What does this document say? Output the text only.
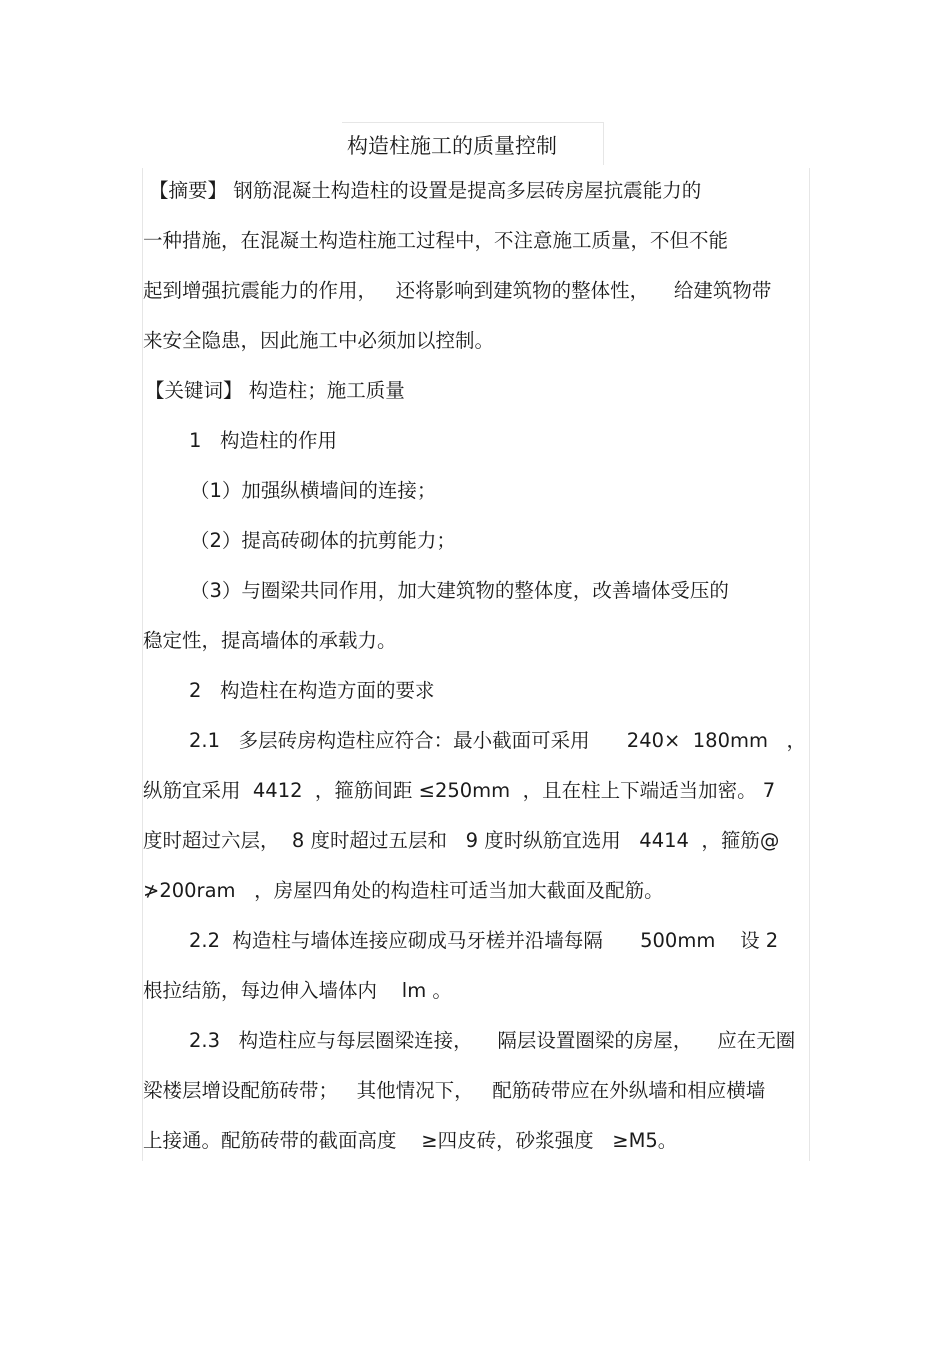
构造柱施工的质量控制
【摘要】 钢筋混凝土构造柱的设置是提高多层砖房屋抗震能力的
一种措施，在混凝土构造柱施工过程中，不注意施工质量，不但不能
起到增强抗震能力的作用，   还将影响到建筑物的整体性，    给建筑物带
来安全隐患，因此施工中必须加以控制。
【关键词】 构造柱；施工质量
1   构造柱的作用
（1）加强纵横墙间的连接；
（2）提高砖砌体的抗剪能力；
（3）与圈梁共同作用，加大建筑物的整体度，改善墙体受压的
稳定性，提高墙体的承载力。
2   构造柱在构造方面的要求
2.1   多层砖房构造柱应符合：最小截面可采用      240×  180mm   ，
纵筋宜采用  4412  ，箍筋间距 ≤250mm  ，且在柱上下端适当加密。 7
度时超过六层，  8 度时超过五层和   9 度时纵筋宜选用   4414  ，箍筋@
≯200ram   ，房屋四角处的构造柱可适当加大截面及配筋。
2.2  构造柱与墙体连接应砌成马牙槎并沿墙每隔      500mm    设 2
根拉结筋，每边伸入墙体内    lm 。
2.3   构造柱应与每层圈梁连接，    隔层设置圈梁的房屋，    应在无圈
梁楼层增设配筋砖带；   其他情况下，   配筋砖带应在外纵墙和相应横墙
上接通。配筋砖带的截面高度    ≥四皮砖，砂浆强度   ≥M5。
